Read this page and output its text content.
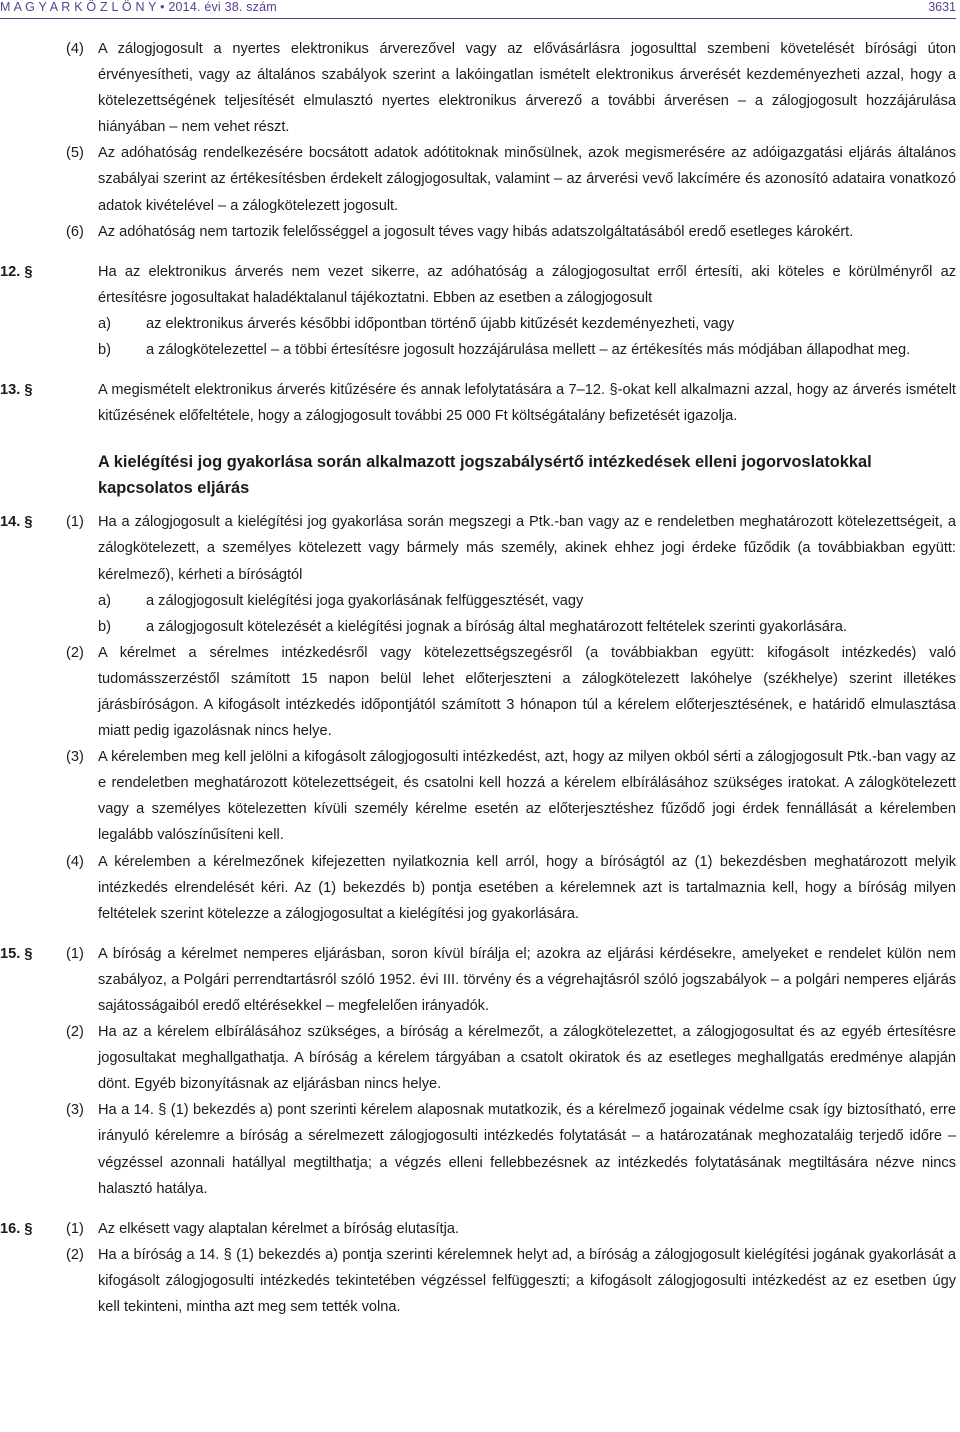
M A G Y A R K Ö Z L Ö N Y • 2014. évi 38. szám	3631
(4) A zálogjogosult a nyertes elektronikus árverezővel vagy az elővásárlásra jogosulttal szembeni követelését bírósági úton érvényesítheti, vagy az általános szabályok szerint a lakóingatlan ismételt elektronikus árverését kezdeményezheti azzal, hogy a kötelezettségének teljesítését elmulasztó nyertes elektronikus árverező a további árverésen – a zálogjogosult hozzájárulása hiányában – nem vehet részt.
(5) Az adóhatóság rendelkezésére bocsátott adatok adótitoknak minősülnek, azok megismerésére az adóigazgatási eljárás általános szabályai szerint az értékesítésben érdekelt zálogjogosultak, valamint – az árverési vevő lakcímére és azonosító adataira vonatkozó adatok kivételével – a zálogkötelezett jogosult.
(6) Az adóhatóság nem tartozik felelősséggel a jogosult téves vagy hibás adatszolgáltatásából eredő esetleges károkért.
12. §	Ha az elektronikus árverés nem vezet sikerre, az adóhatóság a zálogjogosultat erről értesíti, aki köteles e körülményről az értesítésre jogosultakat haladéktalanul tájékoztatni. Ebben az esetben a zálogjogosult
a) az elektronikus árverés későbbi időpontban történő újabb kitűzését kezdeményezheti, vagy
b) a zálogkötelezettel – a többi értesítésre jogosult hozzájárulása mellett – az értékesítés más módjában állapodhat meg.
13. §	A megismételt elektronikus árverés kitűzésére és annak lefolytatására a 7–12. §-okat kell alkalmazni azzal, hogy az árverés ismételt kitűzésének előfeltétele, hogy a zálogjogosult további 25 000 Ft költségátalány befizetését igazolja.
A kielégítési jog gyakorlása során alkalmazott jogszabálysértő intézkedések elleni jogorvoslatokkal kapcsolatos eljárás
14. § (1) Ha a zálogjogosult a kielégítési jog gyakorlása során megszegi a Ptk.-ban vagy az e rendeletben meghatározott kötelezettségeit, a zálogkötelezett, a személyes kötelezett vagy bármely más személy, akinek ehhez jogi érdeke fűződik (a továbbiakban együtt: kérelmező), kérheti a bíróságtól
a) a zálogjogosult kielégítési joga gyakorlásának felfüggesztését, vagy
b) a zálogjogosult kötelezését a kielégítési jognak a bíróság által meghatározott feltételek szerinti gyakorlására.
(2) A kérelmet a sérelmes intézkedésről vagy kötelezettségszegésről (a továbbiakban együtt: kifogásolt intézkedés) való tudomásszerzéstől számított 15 napon belül lehet előterjeszteni a zálogkötelezett lakóhelye (székhelye) szerint illetékes járásbíróságon. A kifogásolt intézkedés időpontjától számított 3 hónapon túl a kérelem előterjesztésének, e határidő elmulasztása miatt pedig igazolásnak nincs helye.
(3) A kérelemben meg kell jelölni a kifogásolt zálogjogosulti intézkedést, azt, hogy az milyen okból sérti a zálogjogosult Ptk.-ban vagy az e rendeletben meghatározott kötelezettségeit, és csatolni kell hozzá a kérelem elbírálásához szükséges iratokat. A zálogkötelezett vagy a személyes kötelezetten kívüli személy kérelme esetén az előterjesztéshez fűződő jogi érdek fennállását a kérelemben legalább valószínűsíteni kell.
(4) A kérelemben a kérelmezőnek kifejezetten nyilatkoznia kell arról, hogy a bíróságtól az (1) bekezdésben meghatározott melyik intézkedés elrendelését kéri. Az (1) bekezdés b) pontja esetében a kérelemnek azt is tartalmaznia kell, hogy a bíróság milyen feltételek szerint kötelezze a zálogjogosultat a kielégítési jog gyakorlására.
15. § (1) A bíróság a kérelmet nemperes eljárásban, soron kívül bírálja el; azokra az eljárási kérdésekre, amelyeket e rendelet külön nem szabályoz, a Polgári perrendtartásról szóló 1952. évi III. törvény és a végrehajtásról szóló jogszabályok – a polgári nemperes eljárás sajátosságaiból eredő eltérésekkel – megfelelően irányadók.
(2) Ha az a kérelem elbírálásához szükséges, a bíróság a kérelmezőt, a zálogkötelezettet, a zálogjogosultat és az egyéb értesítésre jogosultakat meghallgathatja. A bíróság a kérelem tárgyában a csatolt okiratok és az esetleges meghallgatás eredménye alapján dönt. Egyéb bizonyításnak az eljárásban nincs helye.
(3) Ha a 14. § (1) bekezdés a) pont szerinti kérelem alaposnak mutatkozik, és a kérelmező jogainak védelme csak így biztosítható, erre irányuló kérelemre a bíróság a sérelmezett zálogjogosulti intézkedés folytatását – a határozatának meghozataláig terjedő időre – végzéssel azonnali hatállyal megtilthatja; a végzés elleni fellebbezésnek az intézkedés folytatásának megtiltására nézve nincs halasztó hatálya.
16. § (1) Az elkésett vagy alaptalan kérelmet a bíróság elutasítja.
(2) Ha a bíróság a 14. § (1) bekezdés a) pontja szerinti kérelemnek helyt ad, a bíróság a zálogjogosult kielégítési jogának gyakorlását a kifogásolt zálogjogosulti intézkedés tekintetében végzéssel felfüggeszti; a kifogásolt zálogjogosulti intézkedést az ez esetben úgy kell tekinteni, mintha azt meg sem tették volna.
